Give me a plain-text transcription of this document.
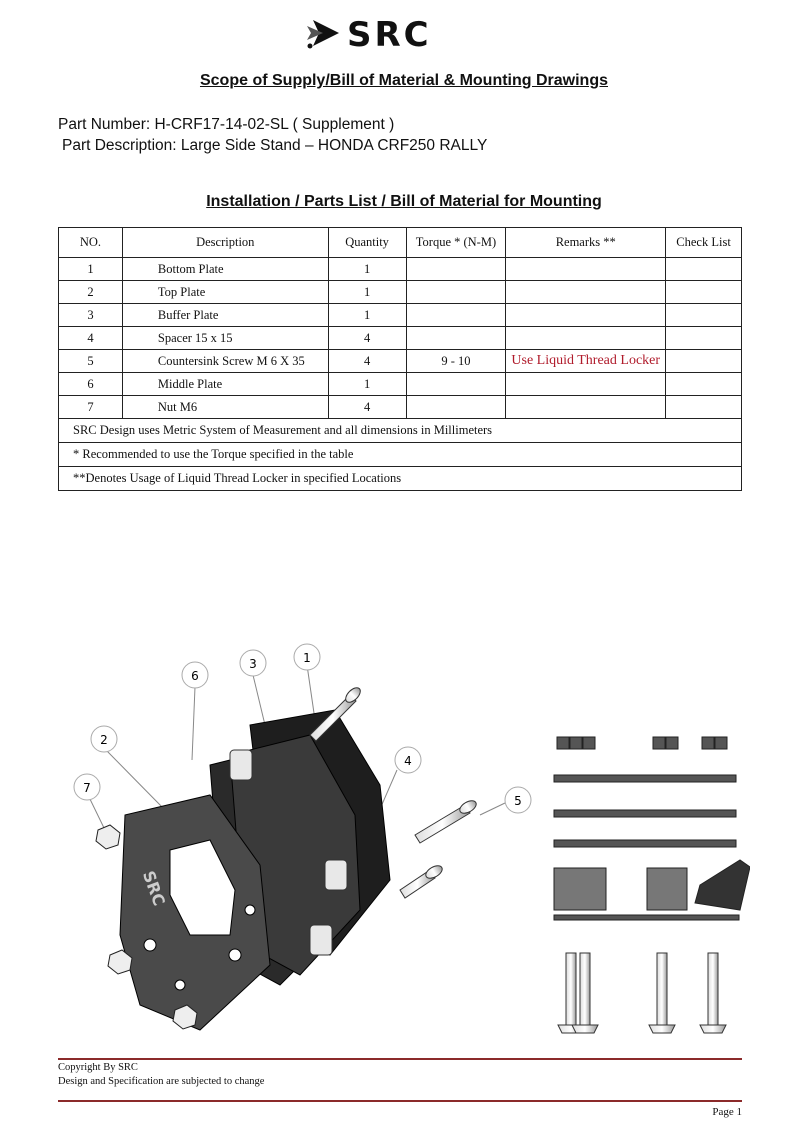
SRC
Scope of Supply/Bill of Material & Mounting Drawings

Part Number: H-CRF17-14-02-SL ( Supplement )

Part Description: Large Side Stand – HONDA CRF250 RALLY

Installation / Parts List / Bill of Material for Mounting
NO.	Description	Quantity	Torque * (N-M)	Remarks **	Check List
1	Bottom Plate	1			
2	Top Plate	1			
3	Buffer Plate	1			
4	Spacer 15 x 15	4			
5	Countersink Screw M 6 X 35	4	9 - 10	Use Liquid Thread Locker	
6	Middle Plate	1			
7	Nut M6	4			
SRC Design uses Metric System of Measurement and all dimensions in Millimeters					
* Recommended to use the Torque specified in the table					
**Denotes Usage of Liquid Thread Locker in specified Locations					
SRC
6
3	1
2
7
4
5

Copyright By SRC

Design and Specification are subjected to change

Page 1
